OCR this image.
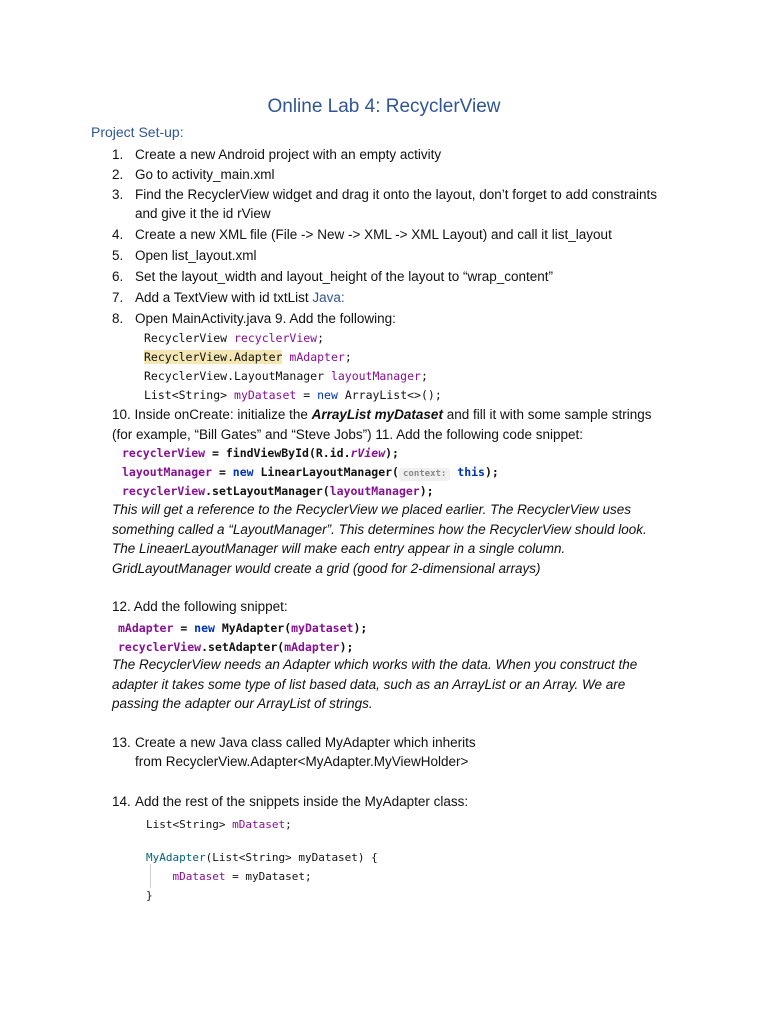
Online Lab 4: RecyclerView
Project Set-up:
1. Create a new Android project with an empty activity
2. Go to activity_main.xml
3. Find the RecyclerView widget and drag it onto the layout, don’t forget to add constraints and give it the id rView
4. Create a new XML file (File -> New -> XML -> XML Layout) and call it list_layout
5. Open list_layout.xml
6. Set the layout_width and layout_height of the layout to “wrap_content”
7. Add a TextView with id txtList Java:
8. Open MainActivity.java 9. Add the following:
RecyclerView recyclerView;
RecyclerView.Adapter mAdapter;
RecyclerView.LayoutManager layoutManager;
List<String> myDataset = new ArrayList<>();
10. Inside onCreate: initialize the ArrayList myDataset and fill it with some sample strings (for example, “Bill Gates” and “Steve Jobs”) 11. Add the following code snippet:
recyclerView = findViewById(R.id.rView);
layoutManager = new LinearLayoutManager( context: this);
recyclerView.setLayoutManager(layoutManager);
This will get a reference to the RecyclerView we placed earlier. The RecyclerView uses something called a “LayoutManager”. This determines how the RecyclerView should look. The LineaerLayoutManager will make each entry appear in a single column. GridLayoutManager would create a grid (good for 2-dimensional arrays)
12. Add the following snippet:
mAdapter = new MyAdapter(myDataset);
recyclerView.setAdapter(mAdapter);
The RecyclerView needs an Adapter which works with the data. When you construct the adapter it takes some type of list based data, such as an ArrayList or an Array. We are passing the adapter our ArrayList of strings.
13. Create a new Java class called MyAdapter which inherits from RecyclerView.Adapter<MyAdapter.MyViewHolder>
14. Add the rest of the snippets inside the MyAdapter class:
List<String> mDataset;
MyAdapter(List<String> myDataset) {
mDataset = myDataset;
}
